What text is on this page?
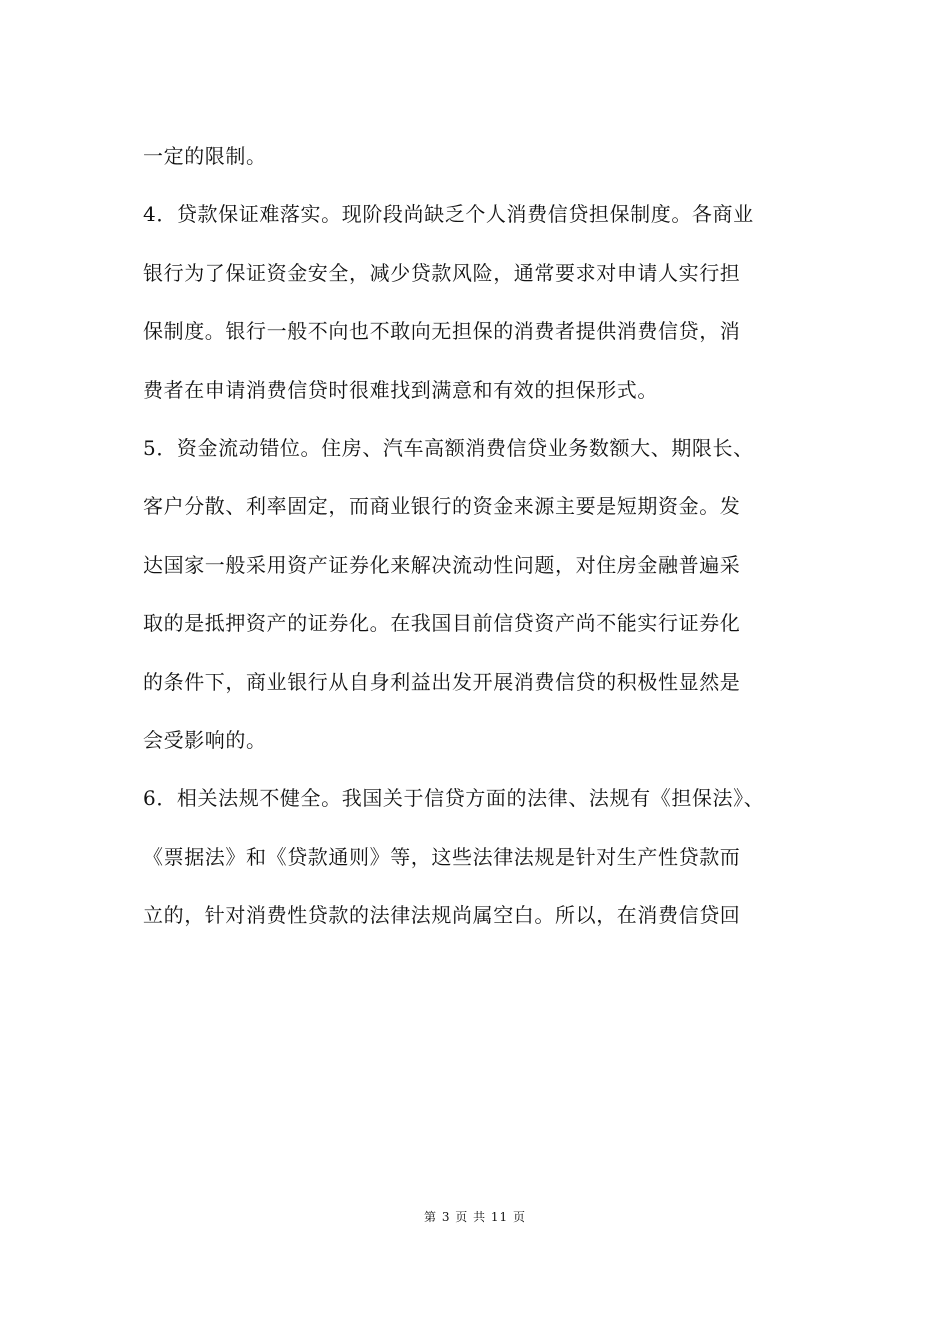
一定的限制。
4．贷款保证难落实。现阶段尚缺乏个人消费信贷担保制度。各商业
银行为了保证资金安全，减少贷款风险，通常要求对申请人实行担
保制度。银行一般不向也不敢向无担保的消费者提供消费信贷，消
费者在申请消费信贷时很难找到满意和有效的担保形式。
5．资金流动错位。住房、汽车高额消费信贷业务数额大、期限长、
客户分散、利率固定，而商业银行的资金来源主要是短期资金。发
达国家一般采用资产证券化来解决流动性问题，对住房金融普遍采
取的是抵押资产的证券化。在我国目前信贷资产尚不能实行证券化
的条件下，商业银行从自身利益出发开展消费信贷的积极性显然是
会受影响的。
6．相关法规不健全。我国关于信贷方面的法律、法规有《担保法》、
《票据法》和《贷款通则》等，这些法律法规是针对生产性贷款而
立的，针对消费性贷款的法律法规尚属空白。所以，在消费信贷回
第 3 页 共 11 页
